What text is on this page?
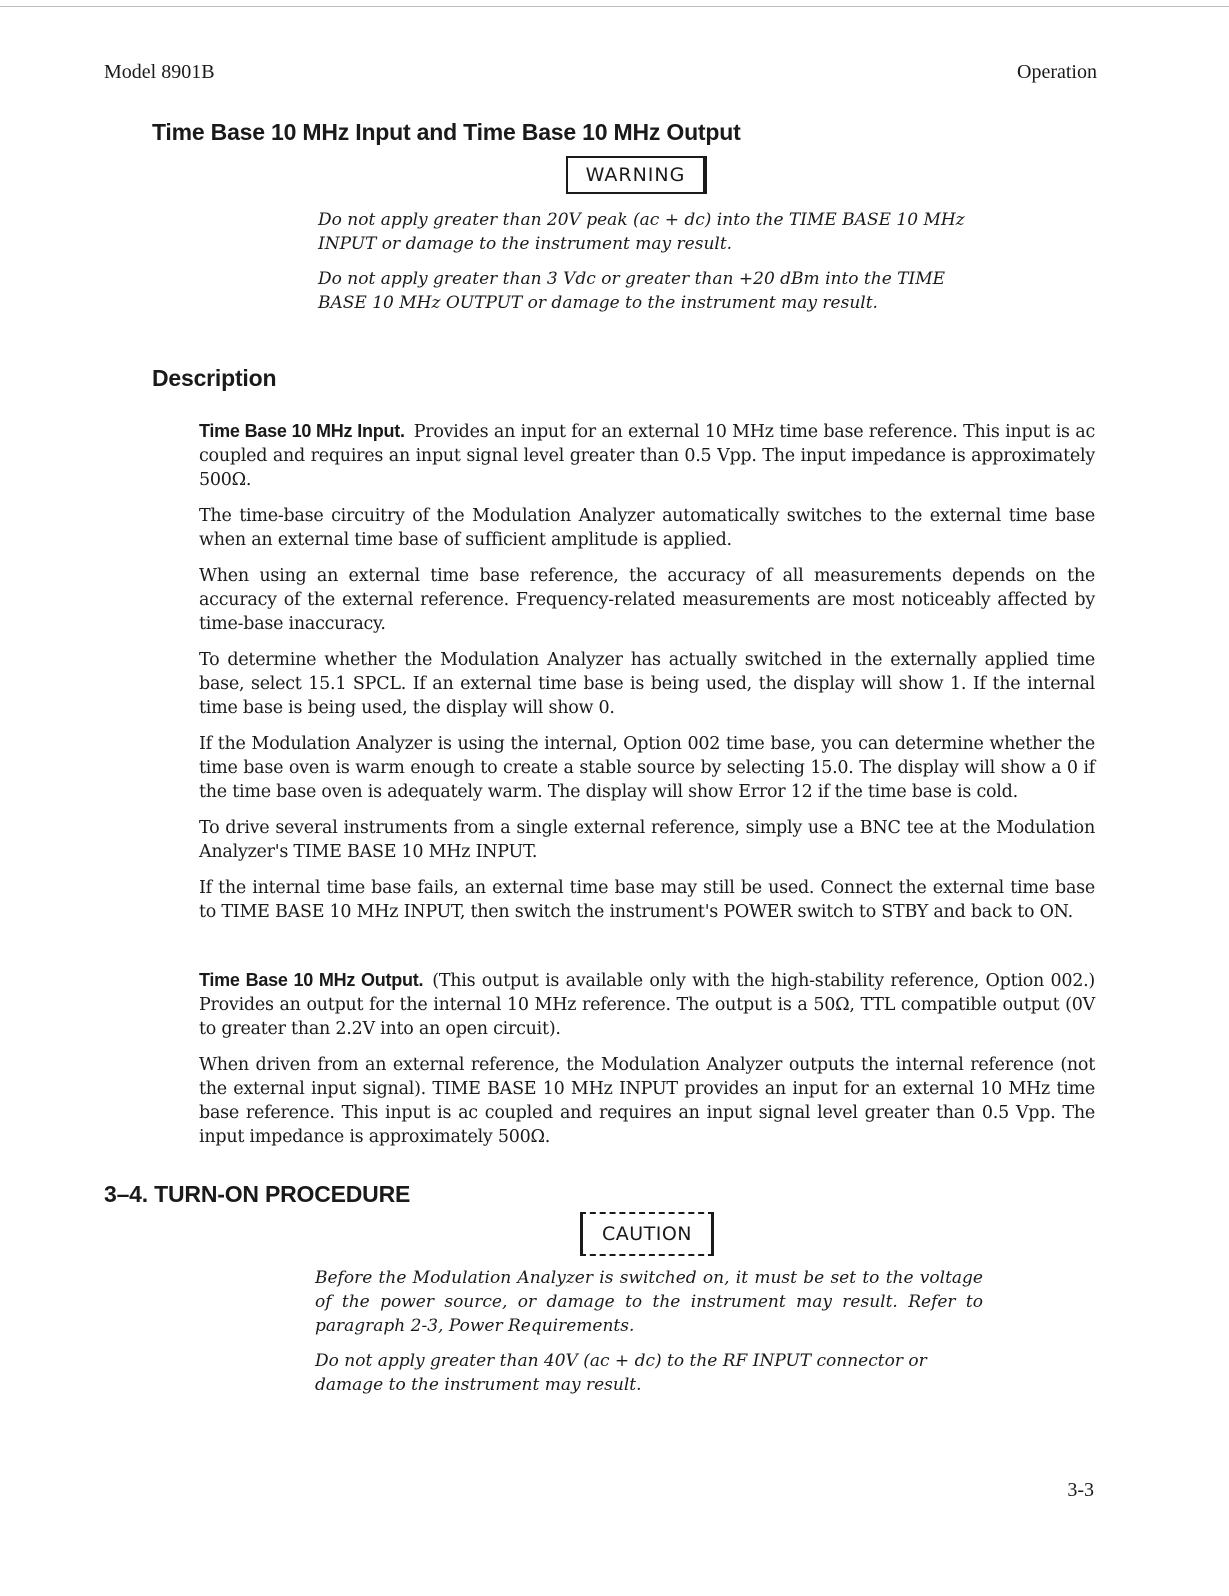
Model 8901B	Operation
Time Base 10 MHz Input and Time Base 10 MHz Output
WARNING

Do not apply greater than 20V peak (ac + dc) into the TIME BASE 10 MHz INPUT or damage to the instrument may result.

Do not apply greater than 3 Vdc or greater than +20 dBm into the TIME BASE 10 MHz OUTPUT or damage to the instrument may result.

Description

Time Base 10 MHz Input. Provides an input for an external 10 MHz time base reference. This input is ac coupled and requires an input signal level greater than 0.5 Vpp. The input impedance is approximately 500Ω.

The time-base circuitry of the Modulation Analyzer automatically switches to the external time base when an external time base of sufficient amplitude is applied.

When using an external time base reference, the accuracy of all measurements depends on the accuracy of the external reference. Frequency-related measurements are most noticeably affected by time-base inaccuracy.

To determine whether the Modulation Analyzer has actually switched in the externally applied time base, select 15.1 SPCL. If an external time base is being used, the display will show 1. If the internal time base is being used, the display will show 0.

If the Modulation Analyzer is using the internal, Option 002 time base, you can determine whether the time base oven is warm enough to create a stable source by selecting 15.0. The display will show a 0 if the time base oven is adequately warm. The display will show Error 12 if the time base is cold.

To drive several instruments from a single external reference, simply use a BNC tee at the Modulation Analyzer's TIME BASE 10 MHz INPUT.

If the internal time base fails, an external time base may still be used. Connect the external time base to TIME BASE 10 MHz INPUT, then switch the instrument's POWER switch to STBY and back to ON.

Time Base 10 MHz Output. (This output is available only with the high-stability reference, Option 002.) Provides an output for the internal 10 MHz reference. The output is a 50Ω, TTL compatible output (0V to greater than 2.2V into an open circuit).

When driven from an external reference, the Modulation Analyzer outputs the internal reference (not the external input signal). TIME BASE 10 MHz INPUT provides an input for an external 10 MHz time base reference. This input is ac coupled and requires an input signal level greater than 0.5 Vpp. The input impedance is approximately 500Ω.

3–4. TURN-ON PROCEDURE
CAUTION

Before the Modulation Analyzer is switched on, it must be set to the voltage of the power source, or damage to the instrument may result. Refer to paragraph 2-3, Power Requirements.

Do not apply greater than 40V (ac + dc) to the RF INPUT connector or damage to the instrument may result.

3-3
